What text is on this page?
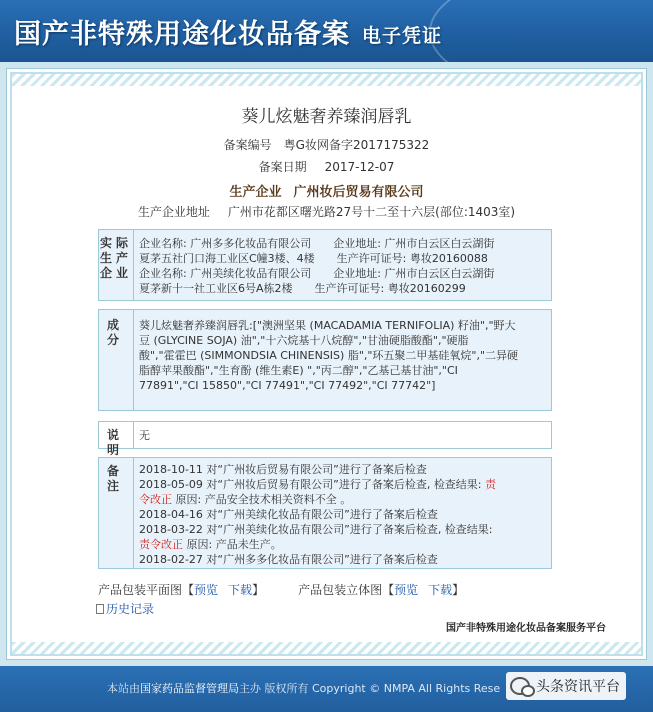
国产非特殊用途化妆品备案 电子凭证
葵儿炫魅奢养臻润唇乳
备案编号 粤G妆网备字2017175322
备案日期 2017-12-07
生产企业 广州妆后贸易有限公司
生产企业地址 广州市花都区曙光路27号十二至十六层(部位:1403室)
实际生产企业
企业名称: 广州多多化妆品有限公司　　企业地址: 广州市白云区白云湖街
夏茅五社门口海工业区C幢3楼、4楼　　生产许可证号: 粤妆20160088
企业名称: 广州美续化妆品有限公司　　企业地址: 广州市白云区白云湖街
夏茅新十一社工业区6号A栋2楼　　生产许可证号: 粤妆20160299
成分
葵儿炫魅奢养臻润唇乳:["澳洲坚果 (MACADAMIA TERNIFOLIA) 籽油","野大
豆 (GLYCINE SOJA) 油","十六烷基十八烷醇","甘油硬脂酸酯","硬脂
酸","霍霍巴 (SIMMONDSIA CHINENSIS) 脂","环五聚二甲基硅氧烷","二异硬
脂醇苹果酸酯","生育酚 (维生素E) ","丙二醇","乙基己基甘油","CI
77891","CI 15850","CI 77491","CI 77492","CI 77742"]
说明
无
备注
2018-10-11 对“广州妆后贸易有限公司”进行了备案后检查
2018-05-09 对“广州妆后贸易有限公司”进行了备案后检查, 检查结果: 责
令改正 原因: 产品安全技术相关资料不全 。
2018-04-16 对“广州美续化妆品有限公司”进行了备案后检查
2018-03-22 对“广州美续化妆品有限公司”进行了备案后检查, 检查结果:
责令改正 原因: 产品未生产。
2018-02-27 对“广州多多化妆品有限公司”进行了备案后检查
产品包装平面图【预览 下载】	产品包装立体图【预览 下载】
历史记录
国产非特殊用途化妆品备案服务平台
本站由国家药品监督管理局主办 版权所有 Copyright © NMPA All Rights Rese	头条资讯平台
